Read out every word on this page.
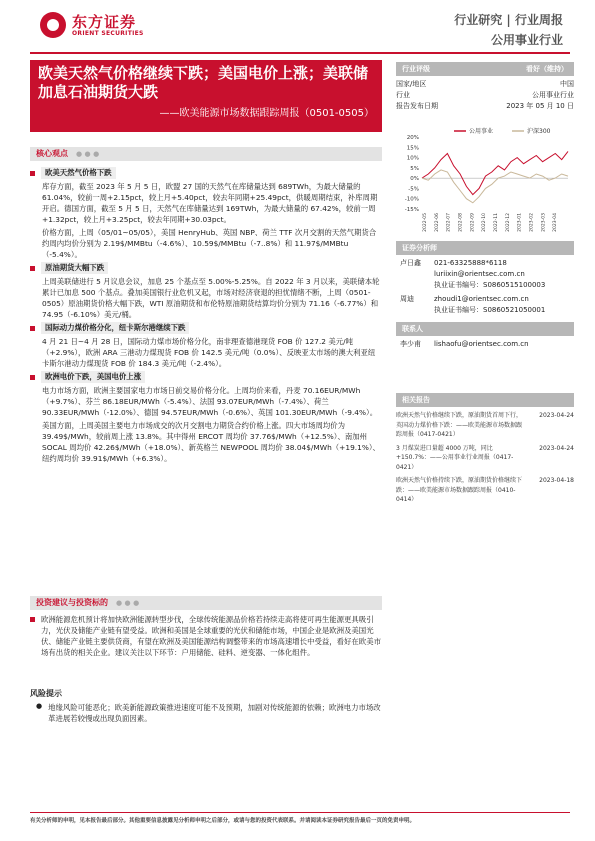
东方证券
ORIENT SECURITIES
行业研究 | 行业周报
公用事业行业
欧美天然气价格继续下跌；美国电价上涨；美联储加息石油期货大跌
——欧美能源市场数据跟踪周报（0501-0505）
行业评级	看好（维持）
国家/地区	中国
行业	公用事业行业
报告发布日期	2023 年 05 月 10 日
公用事业	沪深300
20%
15%
10%
5%
0%
-5%
-10%
-15%
2022-05 2022-06 2022-07 2022-08 2022-09 2022-10 2022-11 2022-12 2023-01 2023-02 2023-03 2023-04
证券分析师
卢日鑫	021-63325888*6118
luriixin@orientsec.com.cn
执业证书编号：S0860515100003
周迪	zhoudi1@orientsec.com.cn
执业证书编号：S0860521050001
联系人
李少甫	lishaofu@orientsec.com.cn
相关报告
欧洲天然气价格继续下跌，原油期货首周下行，英国动力煤价格下跌：——欧美能源市场数据跟踪周报（0417-0421）
2023-04-24
3 月煤炭进口量超 4000 万吨，同比+150.7%：——公用事业行业周报（0417-0421）
2023-04-24
欧洲天然气价格持续下跌，原油期货价格继续下跌：——欧美能源市场数据跟踪周报（0410-0414）
2023-04-18
核心观点 ● ● ●
欧美天然气价格下跌
库存方面，截至 2023 年 5 月 5 日，欧盟 27 国的天然气在库储量达到 689TWh，为最大储量的 61.04%，较前一周+2.15pct，较上月+5.40pct，较去年同期+25.49pct，供暖周期结束，补库周期开启。德国方面，截至 5 月 5 日，天然气在库储量达到 169TWh，为最大储量的 67.42%，较前一周+1.32pct，较上月+3.25pct，较去年同期+30.03pct。
价格方面，上周（05/01~05/05），美国 HenryHub、英国 NBP、荷兰 TTF 次月交割的天然气期货合约周内均价分别为 2.19$/MMBtu（-4.6%）、10.59$/MMBtu（-7..8%）和 11.97$/MMBtu（-5.4%）。
原油期货大幅下跌
上周美联储进行 5 月议息会议，加息 25 个基点至 5.00%-5.25%。自 2022 年 3 月以来，美联储本轮累计已加息 500 个基点。叠加美国银行业危机又起，市场对经济衰退的担忧情绪不断，上周（0501-0505）原油期货价格大幅下跌，WTI 原油期货和布伦特原油期货结算均价分别为 71.16（-6.77%）和 74.95（-6.10%）美元/桶。
国际动力煤价格分化，纽卡斯尔港继续下跌
4 月 21 日~4 月 28 日，国际动力煤市场价格分化，南非理查德港现货 FOB 价 127.2 美元/吨（+2.9%），欧洲 ARA 三港动力煤现货 FOB 价 142.5 美元/吨（0.0%）、反映亚太市场的澳大利亚纽卡斯尔港动力煤现货 FOB 价 184.3 美元/吨（-2.4%）。
欧洲电价下跌，美国电价上涨
电力市场方面，欧洲主要国家电力市场日前交易价格分化。上周均价来看，丹麦 70.16EUR/MWh（+9.7%）、芬兰 86.18EUR/MWh（-5.4%）、法国 93.07EUR/MWh（-7.4%）、荷兰 90.33EUR/MWh（-12.0%）、德国 94.57EUR/MWh（-0.6%）、英国 101.30EUR/MWh（-9.4%）。
美国方面，上周美国主要电力市场成交的次月交割电力期货合约价格上涨。四大市场周均价为 39.49$/MWh，较前周上涨 13.8%。其中得州 ERCOT 周均价 37.76$/MWh（+12.5%）、南加州 SOCAL 周均价 42.26$/MWh（+18.0%）、新英格兰 NEWPOOL 周均价 38.04$/MWh（+19.1%）、纽约周均价 39.91$/MWh（+6.3%）。
投资建议与投资标的 ● ● ●
欧洲能源危机预计将加快欧洲能源转型步伐，全球传统能源品价格若持续走高将使可再生能源更具吸引力，光伏及储能产业链有望受益。欧洲和美国是全球重要的光伏和储能市场，中国企业是欧洲及美国光伏、储能产业链主要供货商，有望在欧洲及美国能源结构调整带来的市场高速增长中受益，看好在欧美市场有出货的相关企业。建议关注以下环节：户用储能、硅料、逆变器、一体化组件。
风险提示
● 地缘风险可能恶化；欧美新能源政策推进速度可能不及预期，加剧对传统能源的依赖；欧洲电力市场改革进展若较慢或出现负面因素。
有关分析师的申明，见本报告最后部分。其他重要信息披露见分析师申明之后部分，或请与您的投资代表联系。并请阅读本证券研究报告最后一页的免责申明。
